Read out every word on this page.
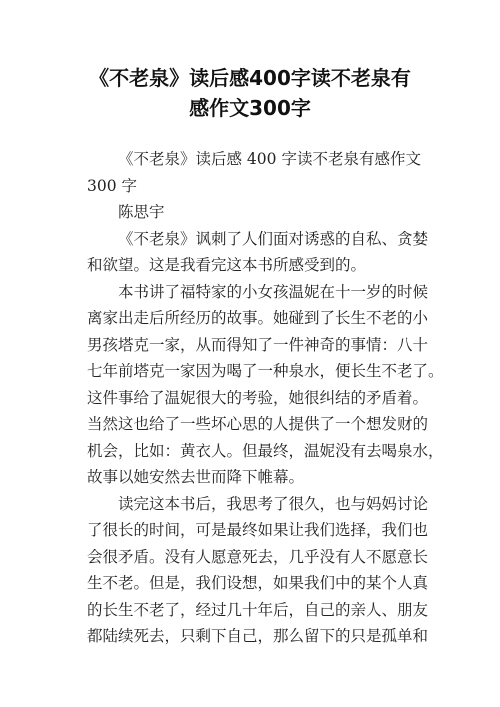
《不老泉》读后感400字读不老泉有
感作文300字
《不老泉》读后感 400 字读不老泉有感作文
300 字
陈思宇
《不老泉》讽刺了人们面对诱惑的自私、贪婪
和欲望。这是我看完这本书所感受到的。
本书讲了福特家的小女孩温妮在十一岁的时候
离家出走后所经历的故事。她碰到了长生不老的小
男孩塔克一家，从而得知了一件神奇的事情：八十
七年前塔克一家因为喝了一种泉水，便长生不老了。
这件事给了温妮很大的考验，她很纠结的矛盾着。
当然这也给了一些坏心思的人提供了一个想发财的
机会，比如：黄衣人。但最终，温妮没有去喝泉水，
故事以她安然去世而降下帷幕。
读完这本书后，我思考了很久，也与妈妈讨论
了很长的时间，可是最终如果让我们选择，我们也
会很矛盾。没有人愿意死去，几乎没有人不愿意长
生不老。但是，我们设想，如果我们中的某个人真
的长生不老了，经过几十年后，自己的亲人、朋友
都陆续死去，只剩下自己，那么留下的只是孤单和
